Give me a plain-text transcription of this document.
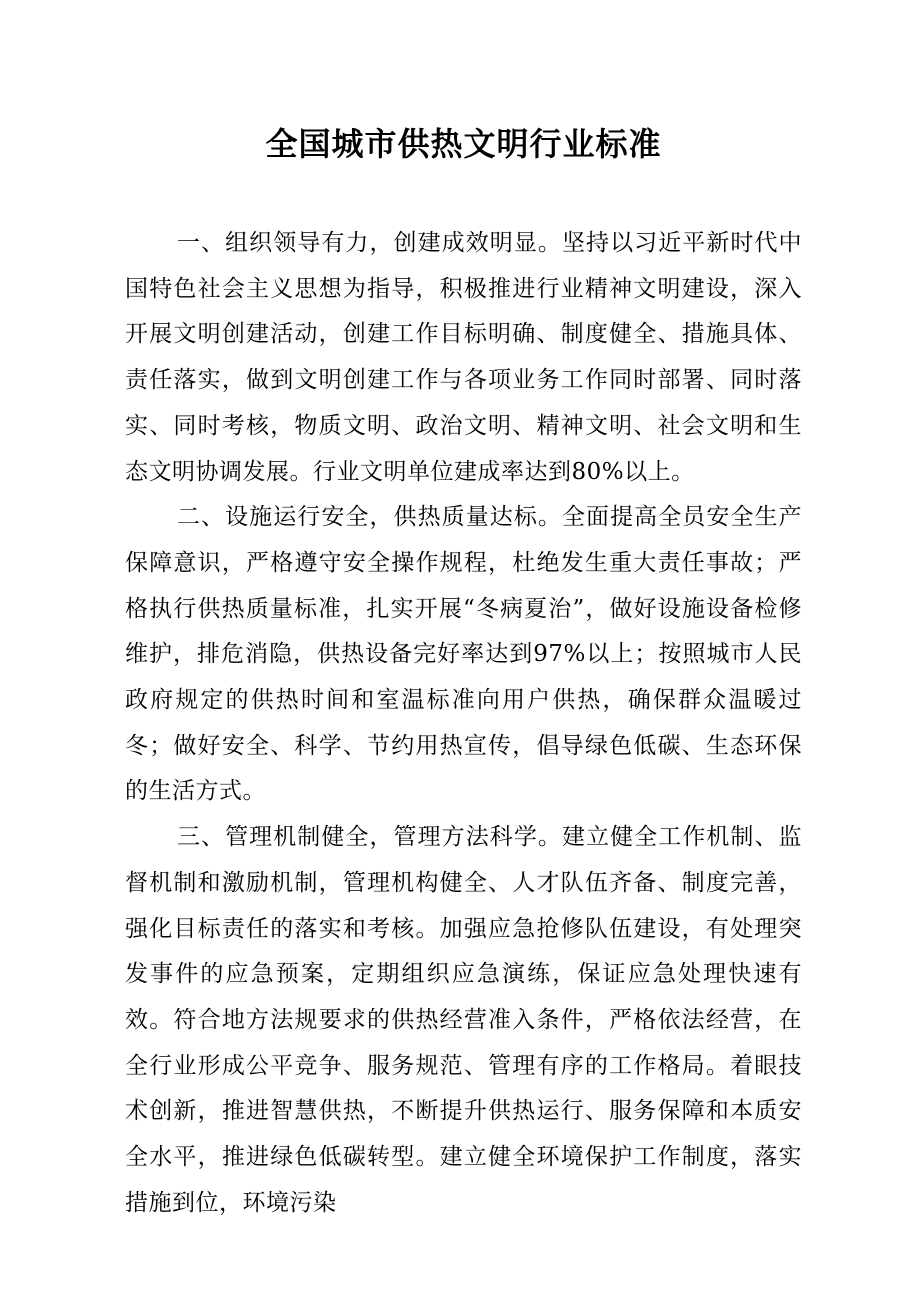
全国城市供热文明行业标准

一、组织领导有力，创建成效明显。坚持以习近平新时代中国特色社会主义思想为指导，积极推进行业精神文明建设，深入开展文明创建活动，创建工作目标明确、制度健全、措施具体、责任落实，做到文明创建工作与各项业务工作同时部署、同时落实、同时考核，物质文明、政治文明、精神文明、社会文明和生态文明协调发展。行业文明单位建成率达到80%以上。

二、设施运行安全，供热质量达标。全面提高全员安全生产保障意识，严格遵守安全操作规程，杜绝发生重大责任事故；严格执行供热质量标准，扎实开展“冬病夏治”，做好设施设备检修维护，排危消隐，供热设备完好率达到97%以上；按照城市人民政府规定的供热时间和室温标准向用户供热，确保群众温暖过冬；做好安全、科学、节约用热宣传，倡导绿色低碳、生态环保的生活方式。

三、管理机制健全，管理方法科学。建立健全工作机制、监督机制和激励机制，管理机构健全、人才队伍齐备、制度完善，强化目标责任的落实和考核。加强应急抢修队伍建设，有处理突发事件的应急预案，定期组织应急演练，保证应急处理快速有效。符合地方法规要求的供热经营准入条件，严格依法经营，在全行业形成公平竞争、服务规范、管理有序的工作格局。着眼技术创新，推进智慧供热，不断提升供热运行、服务保障和本质安全水平，推进绿色低碳转型。建立健全环境保护工作制度，落实措施到位，环境污染
